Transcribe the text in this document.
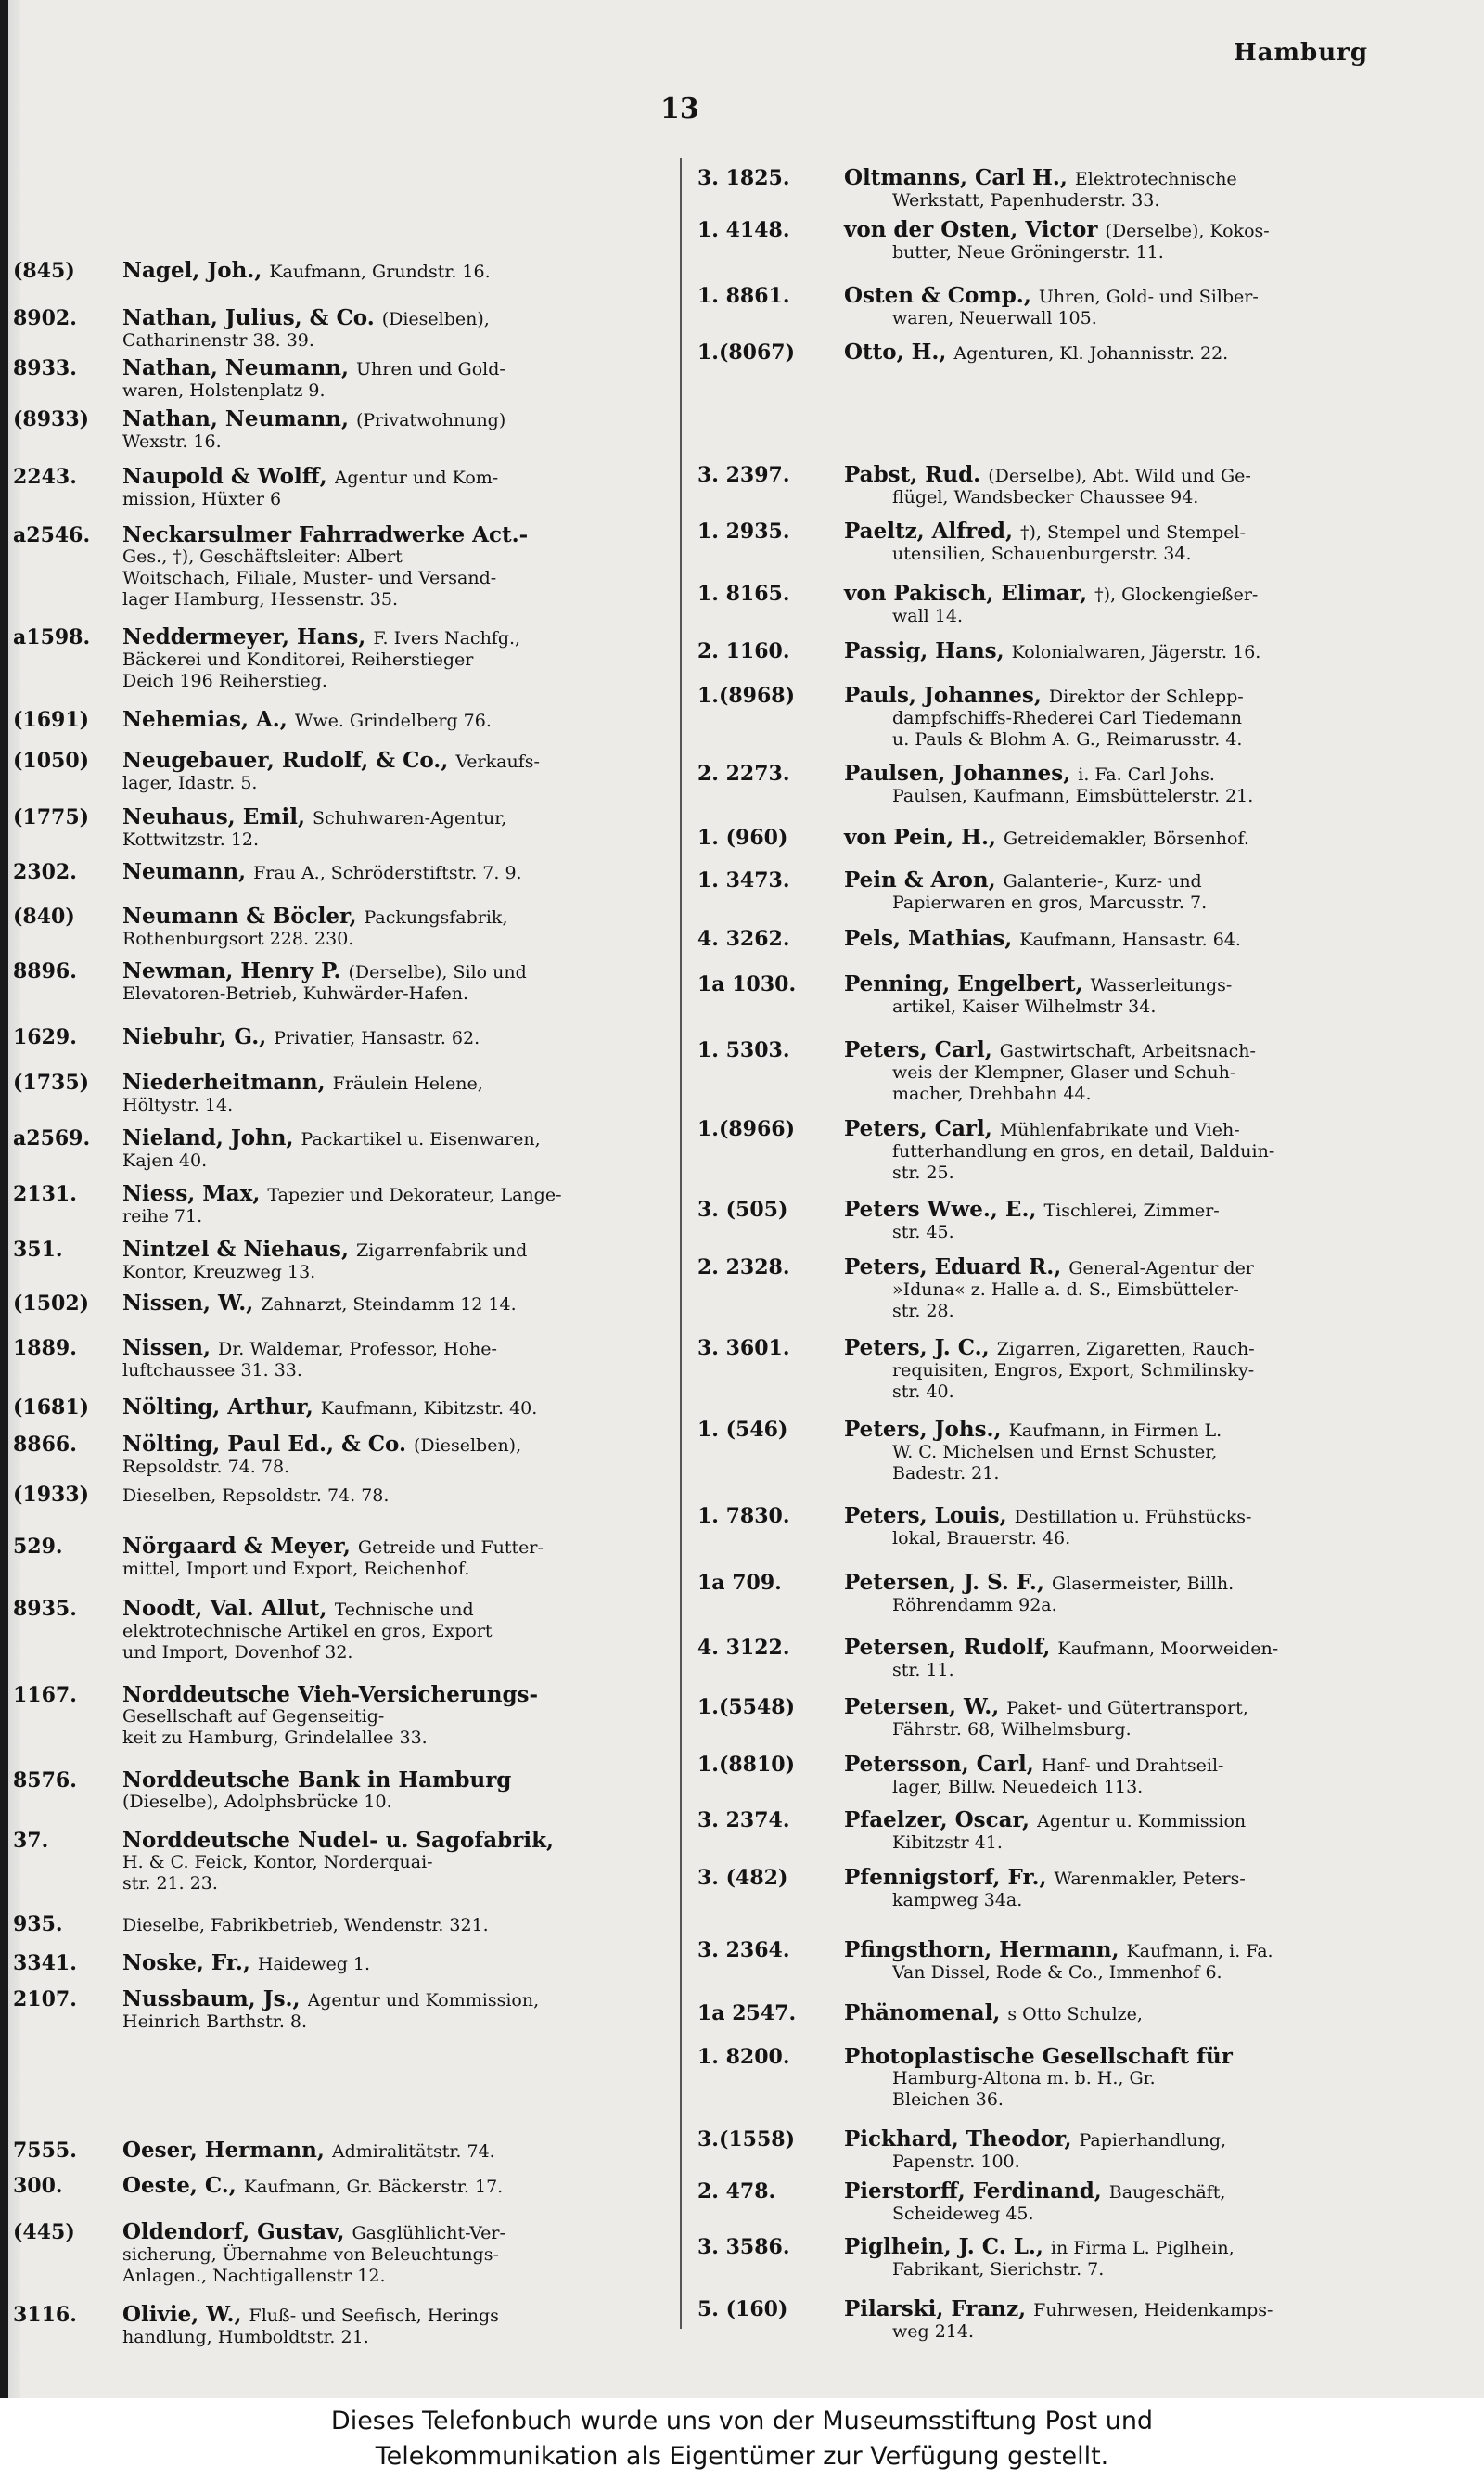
Hamburg
13
(845)	Nagel, Joh., Kaufmann, Grundstr. 16.
8902.	Nathan, Julius, & Co. (Dieselben),
Catharinenstr 38. 39.
8933.	Nathan, Neumann, Uhren und Gold-
waren, Holstenplatz 9.
(8933)	Nathan, Neumann, (Privatwohnung)
Wexstr. 16.
2243.	Naupold & Wolff, Agentur und Kom-
mission, Hüxter 6
a2546.	Neckarsulmer Fahrradwerke Act.-
Ges., †), Geschäftsleiter: Albert
Woitschach, Filiale, Muster- und Versand-
lager Hamburg, Hessenstr. 35.
a1598.	Neddermeyer, Hans, F. Ivers Nachfg.,
Bäckerei und Konditorei, Reiherstieger
Deich 196 Reiherstieg.
(1691)	Nehemias, A., Wwe. Grindelberg 76.
(1050)	Neugebauer, Rudolf, & Co., Verkaufs-
lager, Idastr. 5.
(1775)	Neuhaus, Emil, Schuhwaren-Agentur,
Kottwitzstr. 12.
2302.	Neumann, Frau A., Schröderstiftstr. 7. 9.
(840)	Neumann & Böcler, Packungsfabrik,
Rothenburgsort 228. 230.
8896.	Newman, Henry P. (Derselbe), Silo und
Elevatoren-Betrieb, Kuhwärder-Hafen.
1629.	Niebuhr, G., Privatier, Hansastr. 62.
(1735)	Niederheitmann, Fräulein Helene,
Höltystr. 14.
a2569.	Nieland, John, Packartikel u. Eisenwaren,
Kajen 40.
2131.	Niess, Max, Tapezier und Dekorateur, Lange-
reihe 71.
351.	Nintzel & Niehaus, Zigarrenfabrik und
Kontor, Kreuzweg 13.
(1502)	Nissen, W., Zahnarzt, Steindamm 12 14.
1889.	Nissen, Dr. Waldemar, Professor, Hohe-
luftchaussee 31. 33.
(1681)	Nölting, Arthur, Kaufmann, Kibitzstr. 40.
8866.	Nölting, Paul Ed., & Co. (Dieselben),
Repsoldstr. 74. 78.
(1933)	Dieselben, Repsoldstr. 74. 78.
529.	Nörgaard & Meyer, Getreide und Futter-
mittel, Import und Export, Reichenhof.
8935.	Noodt, Val. Allut, Technische und
elektrotechnische Artikel en gros, Export
und Import, Dovenhof 32.
1167.	Norddeutsche Vieh-Versicherungs-
Gesellschaft auf Gegenseitig-
keit zu Hamburg, Grindelallee 33.
8576.	Norddeutsche Bank in Hamburg
(Dieselbe), Adolphsbrücke 10.
37.	Norddeutsche Nudel- u. Sagofabrik,
H. & C. Feick, Kontor, Norderquai-
str. 21. 23.
935.	Dieselbe, Fabrikbetrieb, Wendenstr. 321.
3341.	Noske, Fr., Haideweg 1.
2107.	Nussbaum, Js., Agentur und Kommission,
Heinrich Barthstr. 8.
7555.	Oeser, Hermann, Admiralitätstr. 74.
300.	Oeste, C., Kaufmann, Gr. Bäckerstr. 17.
(445)	Oldendorf, Gustav, Gasglühlicht-Ver-
sicherung, Übernahme von Beleuchtungs-
Anlagen., Nachtigallenstr 12.
3116.	Olivie, W., Fluß- und Seefisch, Herings
handlung, Humboldtstr. 21.
3. 1825.	Oltmanns, Carl H., Elektrotechnische
Werkstatt, Papenhuderstr. 33.
1. 4148.	von der Osten, Victor (Derselbe), Kokos-
butter, Neue Gröningerstr. 11.
1. 8861.	Osten & Comp., Uhren, Gold- und Silber-
waren, Neuerwall 105.
1.(8067)	Otto, H., Agenturen, Kl. Johannisstr. 22.
3. 2397.	Pabst, Rud. (Derselbe), Abt. Wild und Ge-
flügel, Wandsbecker Chaussee 94.
1. 2935.	Paeltz, Alfred, †), Stempel und Stempel-
utensilien, Schauenburgerstr. 34.
1. 8165.	von Pakisch, Elimar, †), Glockengießer-
wall 14.
2. 1160.	Passig, Hans, Kolonialwaren, Jägerstr. 16.
1.(8968)	Pauls, Johannes, Direktor der Schlepp-
dampfschiffs-Rhederei Carl Tiedemann
u. Pauls & Blohm A. G., Reimarusstr. 4.
2. 2273.	Paulsen, Johannes, i. Fa. Carl Johs.
Paulsen, Kaufmann, Eimsbüttelerstr. 21.
1. (960)	von Pein, H., Getreidemakler, Börsenhof.
1. 3473.	Pein & Aron, Galanterie-, Kurz- und
Papierwaren en gros, Marcusstr. 7.
4. 3262.	Pels, Mathias, Kaufmann, Hansastr. 64.
1a 1030.	Penning, Engelbert, Wasserleitungs-
artikel, Kaiser Wilhelmstr 34.
1. 5303.	Peters, Carl, Gastwirtschaft, Arbeitsnach-
weis der Klempner, Glaser und Schuh-
macher, Drehbahn 44.
1.(8966)	Peters, Carl, Mühlenfabrikate und Vieh-
futterhandlung en gros, en detail, Balduin-
str. 25.
3. (505)	Peters Wwe., E., Tischlerei, Zimmer-
str. 45.
2. 2328.	Peters, Eduard R., General-Agentur der
»Iduna« z. Halle a. d. S., Eimsbütteler-
str. 28.
3. 3601.	Peters, J. C., Zigarren, Zigaretten, Rauch-
requisiten, Engros, Export, Schmilinsky-
str. 40.
1. (546)	Peters, Johs., Kaufmann, in Firmen L.
W. C. Michelsen und Ernst Schuster,
Badestr. 21.
1. 7830.	Peters, Louis, Destillation u. Frühstücks-
lokal, Brauerstr. 46.
1a 709.	Petersen, J. S. F., Glasermeister, Billh.
Röhrendamm 92a.
4. 3122.	Petersen, Rudolf, Kaufmann, Moorweiden-
str. 11.
1.(5548)	Petersen, W., Paket- und Gütertransport,
Fährstr. 68, Wilhelmsburg.
1.(8810)	Petersson, Carl, Hanf- und Drahtseil-
lager, Billw. Neuedeich 113.
3. 2374.	Pfaelzer, Oscar, Agentur u. Kommission
Kibitzstr 41.
3. (482)	Pfennigstorf, Fr., Warenmakler, Peters-
kampweg 34a.
3. 2364.	Pfingsthorn, Hermann, Kaufmann, i. Fa.
Van Dissel, Rode & Co., Immenhof 6.
1a 2547.	Phänomenal, s Otto Schulze,
1. 8200.	Photoplastische Gesellschaft für
Hamburg-Altona m. b. H., Gr.
Bleichen 36.
3.(1558)	Pickhard, Theodor, Papierhandlung,
Papenstr. 100.
2. 478.	Pierstorff, Ferdinand, Baugeschäft,
Scheideweg 45.
3. 3586.	Piglhein, J. C. L., in Firma L. Piglhein,
Fabrikant, Sierichstr. 7.
5. (160)	Pilarski, Franz, Fuhrwesen, Heidenkamps-
weg 214.
Dieses Telefonbuch wurde uns von der Museumsstiftung Post und
Telekommunikation als Eigentümer zur Verfügung gestellt.
